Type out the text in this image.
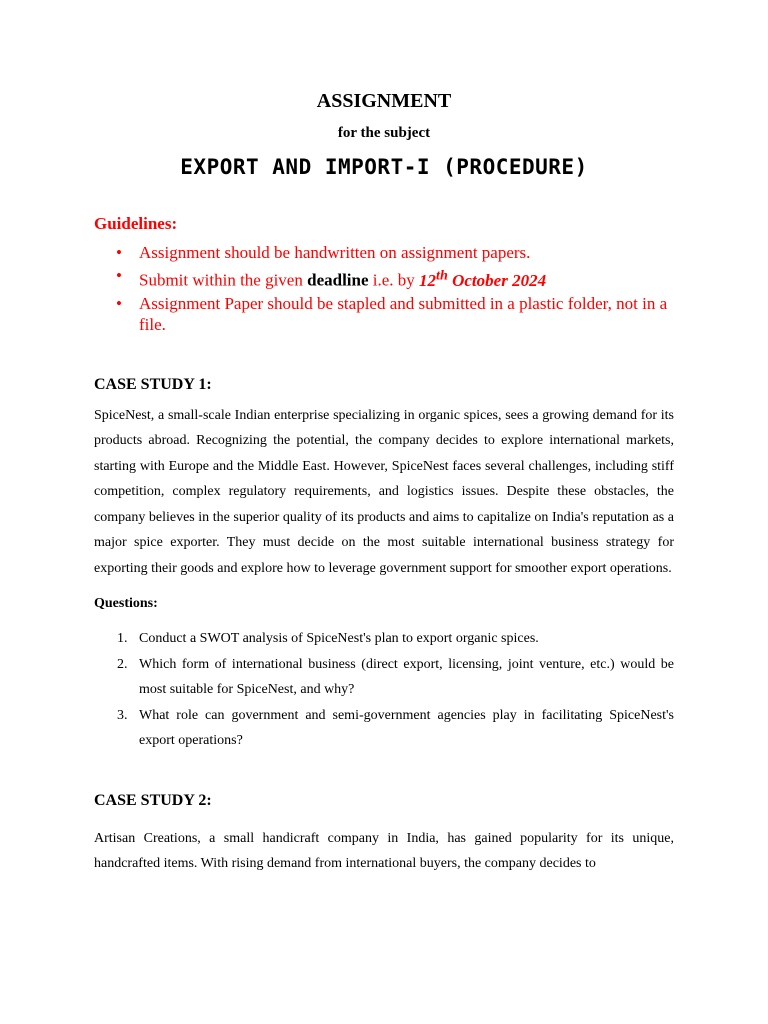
ASSIGNMENT

for the subject

EXPORT AND IMPORT-I (PROCEDURE)

Guidelines:

• Assignment should be handwritten on assignment papers.
• Submit within the given deadline i.e. by 12th October 2024
• Assignment Paper should be stapled and submitted in a plastic folder, not in a file.
CASE STUDY 1:

SpiceNest, a small-scale Indian enterprise specializing in organic spices, sees a growing demand for its products abroad. Recognizing the potential, the company decides to explore international markets, starting with Europe and the Middle East. However, SpiceNest faces several challenges, including stiff competition, complex regulatory requirements, and logistics issues. Despite these obstacles, the company believes in the superior quality of its products and aims to capitalize on India's reputation as a major spice exporter. They must decide on the most suitable international business strategy for exporting their goods and explore how to leverage government support for smoother export operations.

Questions:

1. Conduct a SWOT analysis of SpiceNest's plan to export organic spices.
2. Which form of international business (direct export, licensing, joint venture, etc.) would be most suitable for SpiceNest, and why?
3. What role can government and semi-government agencies play in facilitating SpiceNest's export operations?
CASE STUDY 2:

Artisan Creations, a small handicraft company in India, has gained popularity for its unique, handcrafted items. With rising demand from international buyers, the company decides to
